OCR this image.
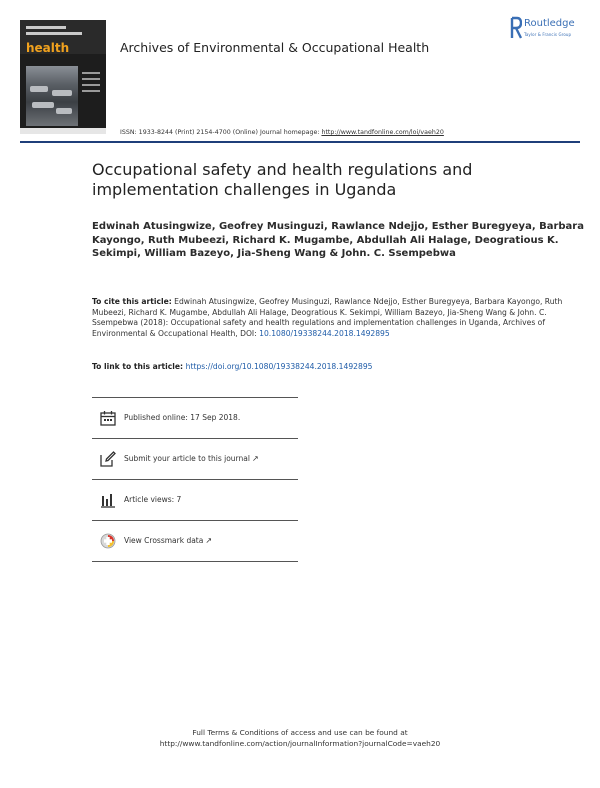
health	Archives of Environmental & Occupational Health
Routledge
Taylor & Francis Group
ISSN: 1933-8244 (Print) 2154-4700 (Online) Journal homepage: http://www.tandfonline.com/loi/vaeh20
Occupational safety and health regulations and implementation challenges in Uganda
Edwinah Atusingwize, Geofrey Musinguzi, Rawlance Ndejjo, Esther Buregyeya, Barbara Kayongo, Ruth Mubeezi, Richard K. Mugambe, Abdullah Ali Halage, Deogratious K. Sekimpi, William Bazeyo, Jia-Sheng Wang & John. C. Ssempebwa
To cite this article: Edwinah Atusingwize, Geofrey Musinguzi, Rawlance Ndejjo, Esther Buregyeya, Barbara Kayongo, Ruth Mubeezi, Richard K. Mugambe, Abdullah Ali Halage, Deogratious K. Sekimpi, William Bazeyo, Jia-Sheng Wang & John. C. Ssempebwa (2018): Occupational safety and health regulations and implementation challenges in Uganda, Archives of Environmental & Occupational Health, DOI: 10.1080/19338244.2018.1492895
To link to this article: https://doi.org/10.1080/19338244.2018.1492895
Published online: 17 Sep 2018.
Submit your article to this journal ↗
Article views: 7
View Crossmark data ↗
Full Terms & Conditions of access and use can be found at
http://www.tandfonline.com/action/journalInformation?journalCode=vaeh20
